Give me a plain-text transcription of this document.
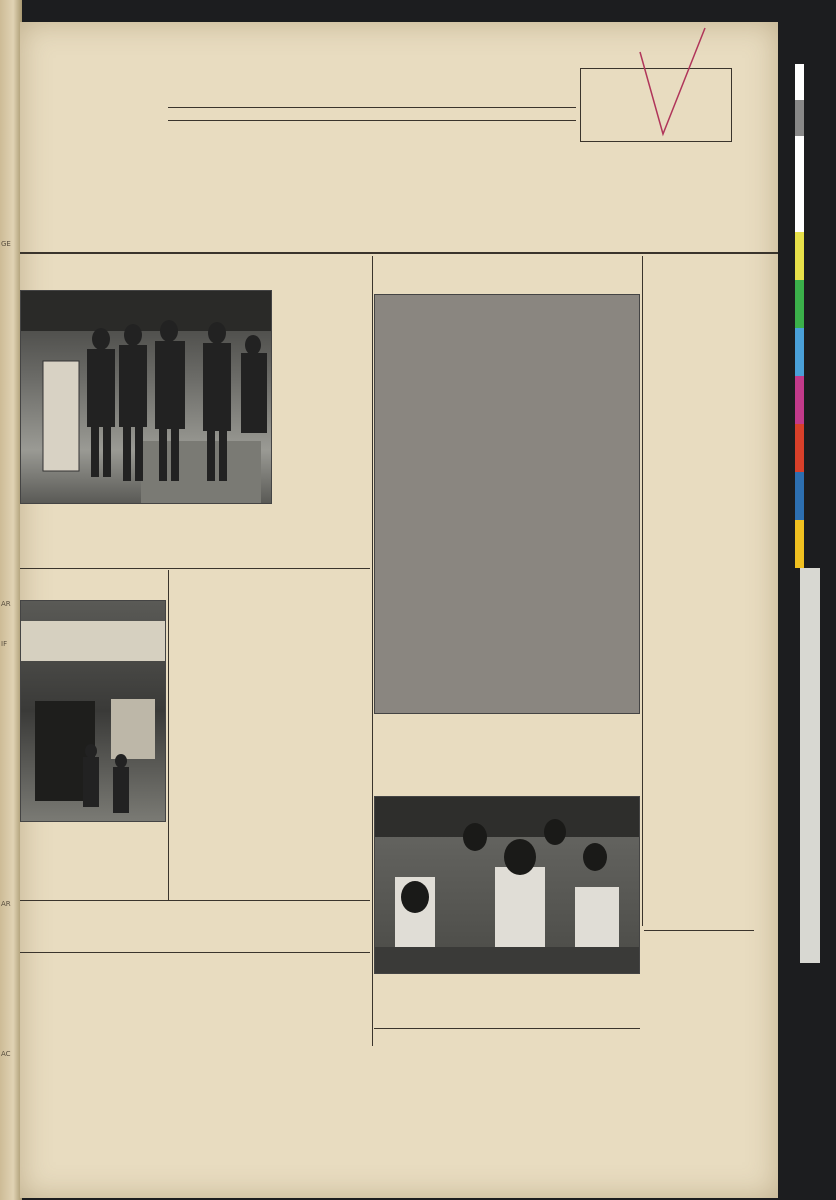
GE
AR
IF
AR
AC
